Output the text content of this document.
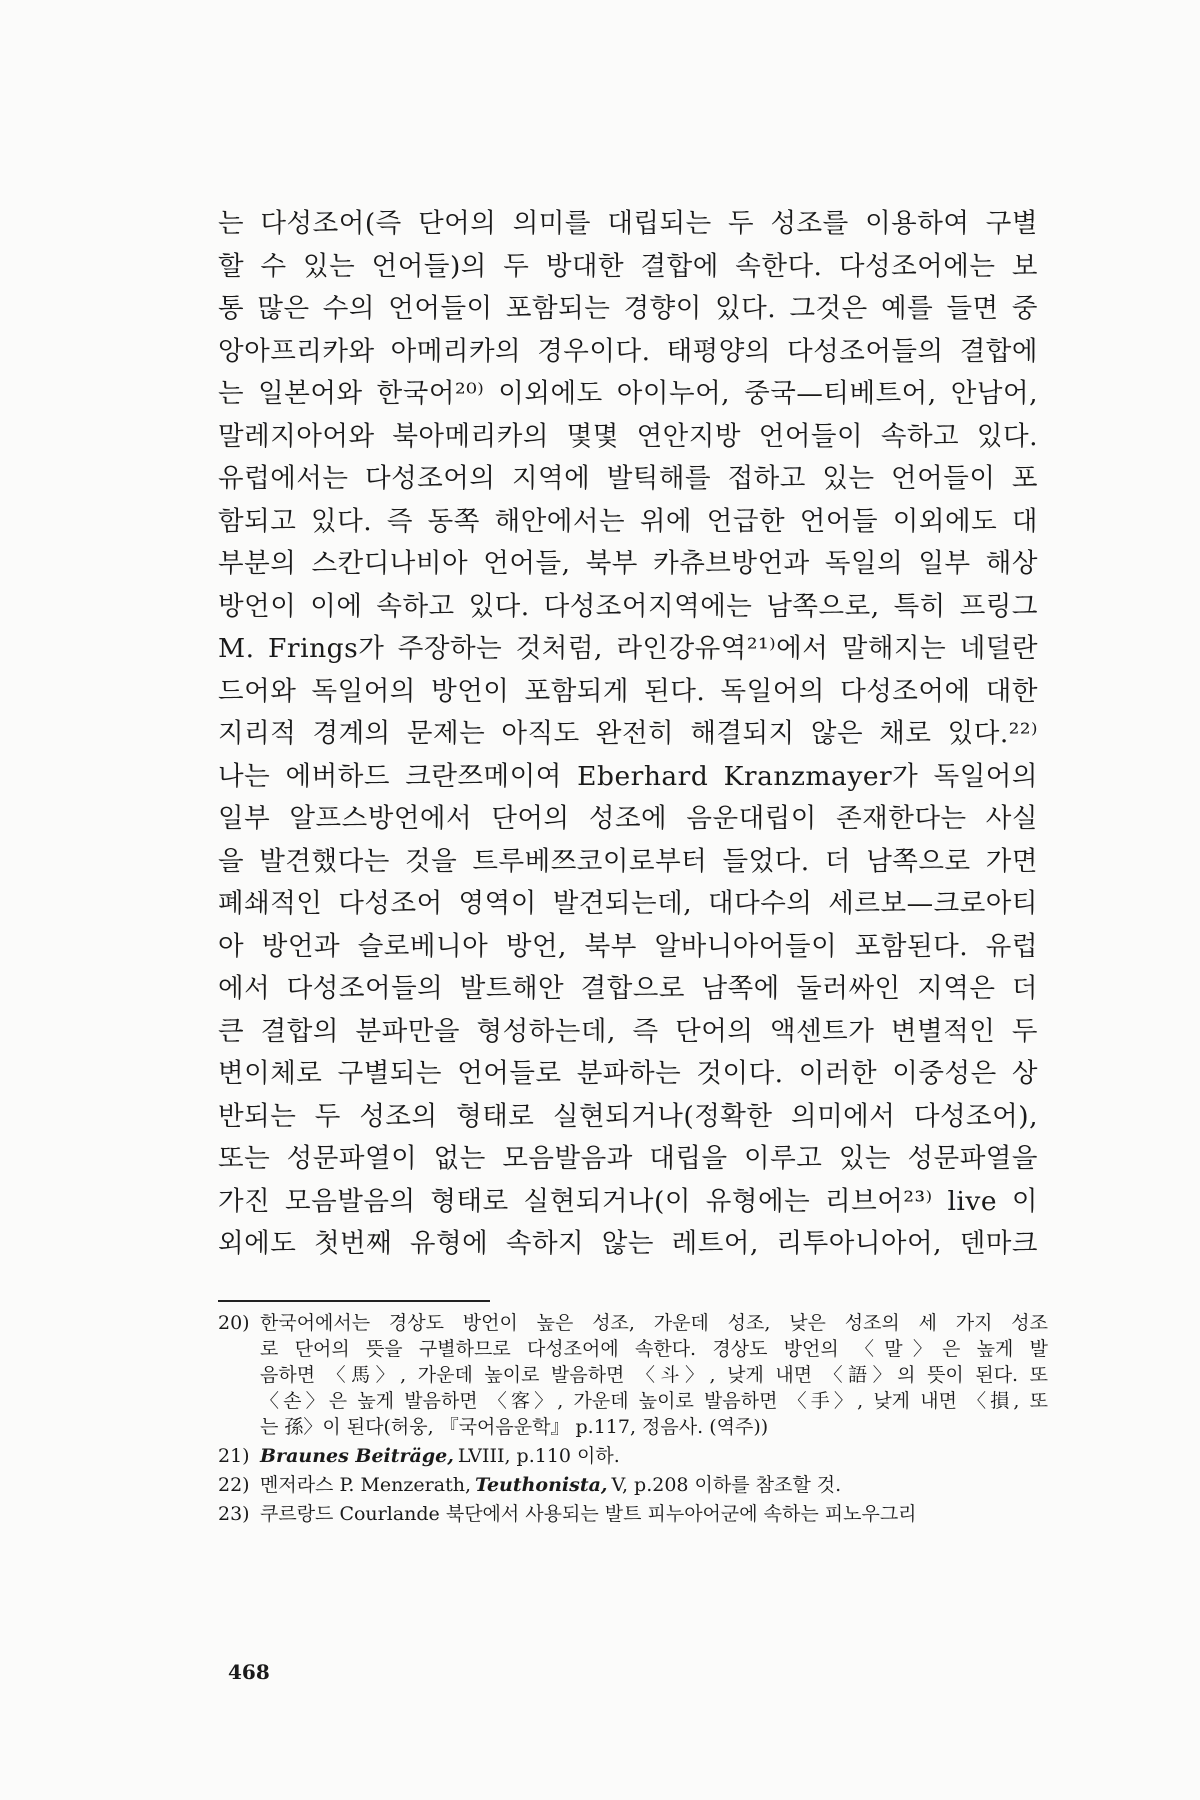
는 다성조어(즉 단어의 의미를 대립되는 두 성조를 이용하여 구별
할 수 있는 언어들)의 두 방대한 결합에 속한다. 다성조어에는 보
통 많은 수의 언어들이 포함되는 경향이 있다. 그것은 예를 들면 중
앙아프리카와 아메리카의 경우이다. 태평양의 다성조어들의 결합에
는 일본어와 한국어²⁰⁾ 이외에도 아이누어, 중국—티베트어, 안남어,
말레지아어와 북아메리카의 몇몇 연안지방 언어들이 속하고 있다.
유럽에서는 다성조어의 지역에 발틱해를 접하고 있는 언어들이 포
함되고 있다. 즉 동쪽 해안에서는 위에 언급한 언어들 이외에도 대
부분의 스칸디나비아 언어들, 북부 카츄브방언과 독일의 일부 해상
방언이 이에 속하고 있다. 다성조어지역에는 남쪽으로, 특히 프링그
M. Frings가 주장하는 것처럼, 라인강유역²¹⁾에서 말해지는 네덜란
드어와 독일어의 방언이 포함되게 된다. 독일어의 다성조어에 대한
지리적 경계의 문제는 아직도 완전히 해결되지 않은 채로 있다.²²⁾
나는 에버하드 크란쯔메이여 Eberhard Kranzmayer가 독일어의
일부 알프스방언에서 단어의 성조에 음운대립이 존재한다는 사실
을 발견했다는 것을 트루베쯔코이로부터 들었다. 더 남쪽으로 가면
폐쇄적인 다성조어 영역이 발견되는데, 대다수의 세르보—크로아티
아 방언과 슬로베니아 방언, 북부 알바니아어들이 포함된다. 유럽
에서 다성조어들의 발트해안 결합으로 남쪽에 둘러싸인 지역은 더
큰 결합의 분파만을 형성하는데, 즉 단어의 액센트가 변별적인 두
변이체로 구별되는 언어들로 분파하는 것이다. 이러한 이중성은 상
반되는 두 성조의 형태로 실현되거나(정확한 의미에서 다성조어),
또는 성문파열이 없는 모음발음과 대립을 이루고 있는 성문파열을
가진 모음발음의 형태로 실현되거나(이 유형에는 리브어²³⁾ live 이
외에도 첫번째 유형에 속하지 않는 레트어, 리투아니아어, 덴마크
20) 한국어에서는 경상도 방언이 높은 성조, 가운데 성조, 낮은 성조의 세 가지 성조
로 단어의 뜻을 구별하므로 다성조어에 속한다. 경상도 방언의 〈말〉은 높게 발
음하면 〈馬〉, 가운데 높이로 발음하면 〈斗〉, 낮게 내면 〈語〉의 뜻이 된다. 또
〈손〉은 높게 발음하면 〈客〉, 가운데 높이로 발음하면 〈手〉, 낮게 내면 〈損, 또
는 孫〉이 된다(허웅, 『국어음운학』 p.117, 정음사. (역주))
21) Braunes Beiträge, LVIII, p.110 이하.
22) 멘저라스 P. Menzerath, Teuthonista, V, p.208 이하를 참조할 것.
23) 쿠르랑드 Courlande 북단에서 사용되는 발트 피누아어군에 속하는 피노우그리
468
